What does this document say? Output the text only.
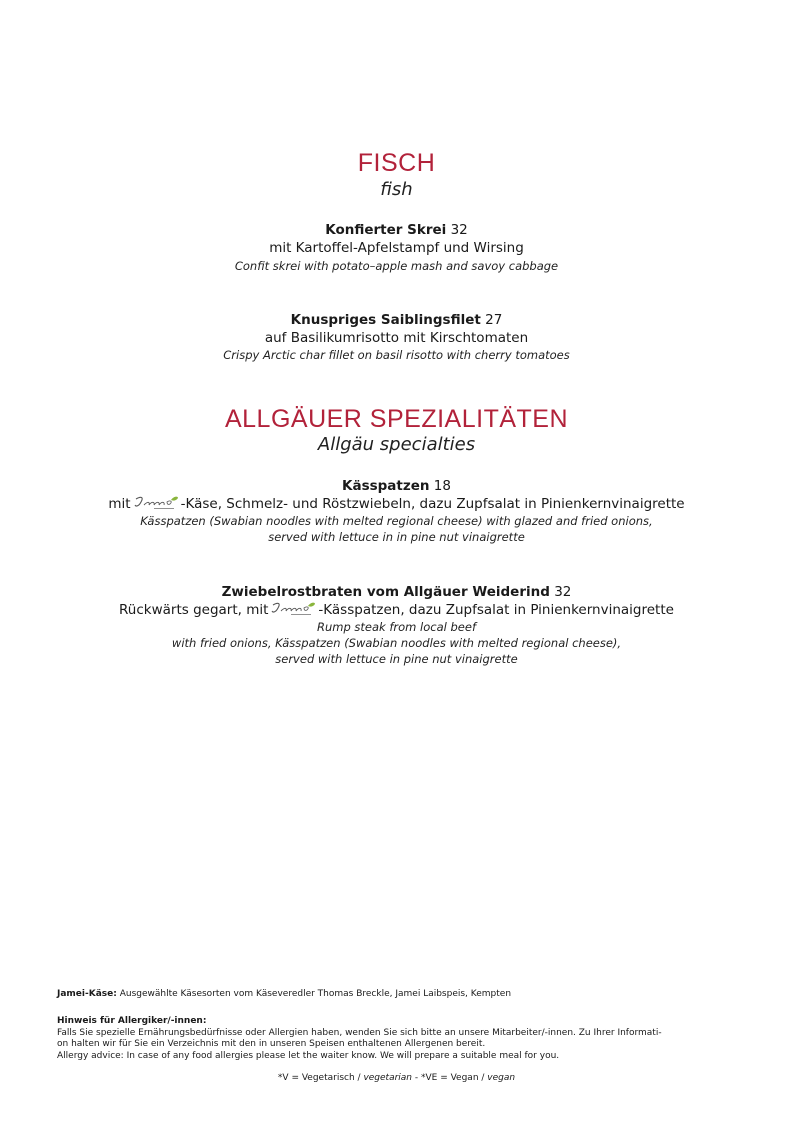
FISCH
fish
Konfierter Skrei 32
mit Kartoffel-Apfelstampf und Wirsing
Confit skrei with potato–apple mash and savoy cabbage
Knuspriges Saiblingsfilet 27
auf Basilikumrisotto mit Kirschtomaten
Crispy Arctic char fillet on basil risotto with cherry tomatoes
ALLGÄUER SPEZIALITÄTEN
Allgäu specialties
Kässpatzen 18
mit	-Käse, Schmelz- und Röstzwiebeln, dazu Zupfsalat in Pinienkernvinaigrette
Kässpatzen (Swabian noodles with melted regional cheese) with glazed and fried onions,
served with lettuce in in pine nut vinaigrette
Zwiebelrostbraten vom Allgäuer Weiderind 32
Rückwärts gegart, mit	-Kässpatzen, dazu Zupfsalat in Pinienkernvinaigrette
Rump steak from local beef
with fried onions, Kässpatzen (Swabian noodles with melted regional cheese),
served with lettuce in pine nut vinaigrette
Jamei-Käse: Ausgewählte Käsesorten vom Käseveredler Thomas Breckle, Jamei Laibspeis, Kempten
Hinweis für Allergiker/-innen:
Falls Sie spezielle Ernährungsbedürfnisse oder Allergien haben, wenden Sie sich bitte an unsere Mitarbeiter/-innen. Zu Ihrer Informati-
on halten wir für Sie ein Verzeichnis mit den in unseren Speisen enthaltenen Allergenen bereit.
Allergy advice: In case of any food allergies please let the waiter know. We will prepare a suitable meal for you.
*V = Vegetarisch / vegetarian - *VE = Vegan / vegan
